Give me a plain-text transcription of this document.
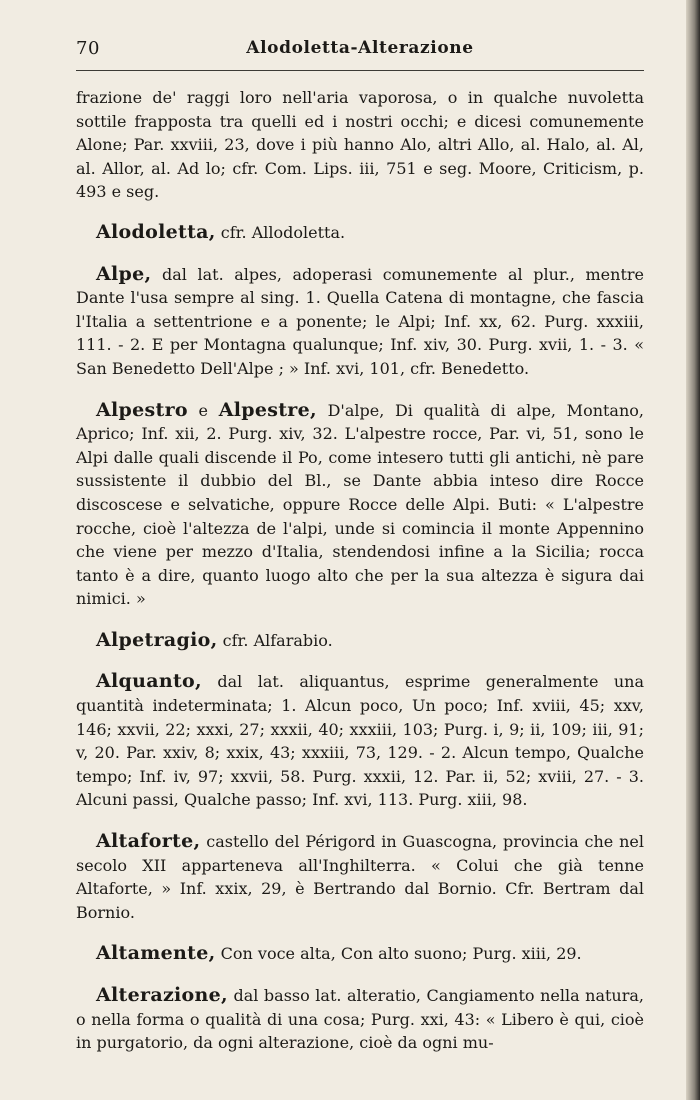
70	Alodoletta-Alterazione

frazione de' raggi loro nell'aria vaporosa, o in qualche nuvoletta sottile frapposta tra quelli ed i nostri occhi; e dicesi comunemente Alone; Par. xxviii, 23, dove i più hanno Alo, altri Allo, al. Halo, al. Al, al. Allor, al. Ad lo; cfr. Com. Lips. iii, 751 e seg. Moore, Criticism, p. 493 e seg.

Alodoletta, cfr. Allodoletta.

Alpe, dal lat. alpes, adoperasi comunemente al plur., mentre Dante l'usa sempre al sing. 1. Quella Catena di montagne, che fascia l'Italia a settentrione e a ponente; le Alpi; Inf. xx, 62. Purg. xxxiii, 111. - 2. E per Montagna qualunque; Inf. xiv, 30. Purg. xvii, 1. - 3. « San Benedetto Dell'Alpe ; » Inf. xvi, 101, cfr. Benedetto.

Alpestro e Alpestre, D'alpe, Di qualità di alpe, Montano, Aprico; Inf. xii, 2. Purg. xiv, 32. L'alpestre rocce, Par. vi, 51, sono le Alpi dalle quali discende il Po, come intesero tutti gli antichi, nè pare sussistente il dubbio del Bl., se Dante abbia inteso dire Rocce discoscese e selvatiche, oppure Rocce delle Alpi. Buti: « L'alpestre rocche, cioè l'altezza de l'alpi, unde si comincia il monte Appennino che viene per mezzo d'Italia, stendendosi infine a la Sicilia; rocca tanto è a dire, quanto luogo alto che per la sua altezza è sigura dai nimici. »

Alpetragio, cfr. Alfarabio.

Alquanto, dal lat. aliquantus, esprime generalmente una quantità indeterminata; 1. Alcun poco, Un poco; Inf. xviii, 45; xxv, 146; xxvii, 22; xxxi, 27; xxxii, 40; xxxiii, 103; Purg. i, 9; ii, 109; iii, 91; v, 20. Par. xxiv, 8; xxix, 43; xxxiii, 73, 129. - 2. Alcun tempo, Qualche tempo; Inf. iv, 97; xxvii, 58. Purg. xxxii, 12. Par. ii, 52; xviii, 27. - 3. Alcuni passi, Qualche passo; Inf. xvi, 113. Purg. xiii, 98.

Altaforte, castello del Périgord in Guascogna, provincia che nel secolo XII apparteneva all'Inghilterra. « Colui che già tenne Altaforte, » Inf. xxix, 29, è Bertrando dal Bornio. Cfr. Bertram dal Bornio.

Altamente, Con voce alta, Con alto suono; Purg. xiii, 29.

Alterazione, dal basso lat. alteratio, Cangiamento nella natura, o nella forma o qualità di una cosa; Purg. xxi, 43: « Libero è qui, cioè in purgatorio, da ogni alterazione, cioè da ogni mu-
